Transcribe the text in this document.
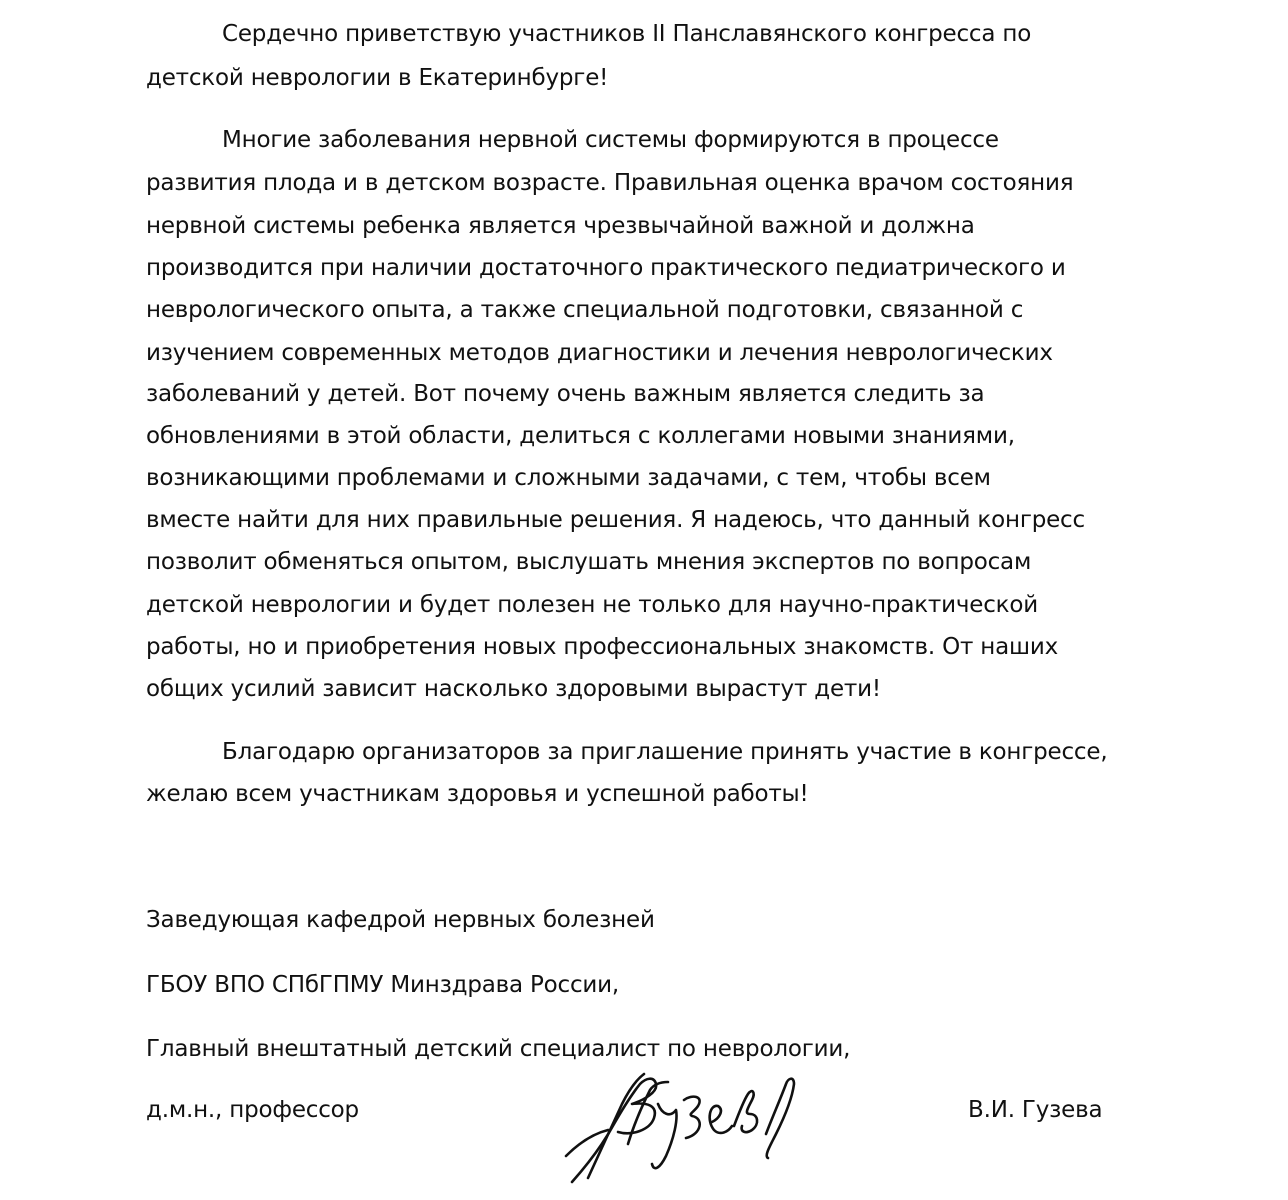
Сердечно приветствую участников II Панславянского конгресса по
детской неврологии в Екатеринбурге!
Многие заболевания нервной системы формируются в процессе
развития плода и в детском возрасте. Правильная оценка врачом состояния
нервной системы ребенка является чрезвычайной важной и должна
производится при наличии достаточного практического педиатрического и
неврологического опыта, а также специальной подготовки, связанной с
изучением современных методов диагностики и лечения неврологических
заболеваний у детей. Вот почему очень важным является следить за
обновлениями в этой области, делиться с коллегами новыми знаниями,
возникающими проблемами и сложными задачами, с тем, чтобы всем
вместе найти для них правильные решения. Я надеюсь, что данный конгресс
позволит обменяться опытом, выслушать мнения экспертов по вопросам
детской неврологии и будет полезен не только для научно-практической
работы, но и приобретения новых профессиональных знакомств. От наших
общих усилий зависит насколько здоровыми вырастут дети!
Благодарю организаторов за приглашение принять участие в конгрессе,
желаю всем участникам здоровья и успешной работы!
Заведующая кафедрой нервных болезней
ГБОУ ВПО СПбГПМУ Минздрава России,
Главный внештатный детский специалист по неврологии,
д.м.н., профессор	В.И. Гузева
